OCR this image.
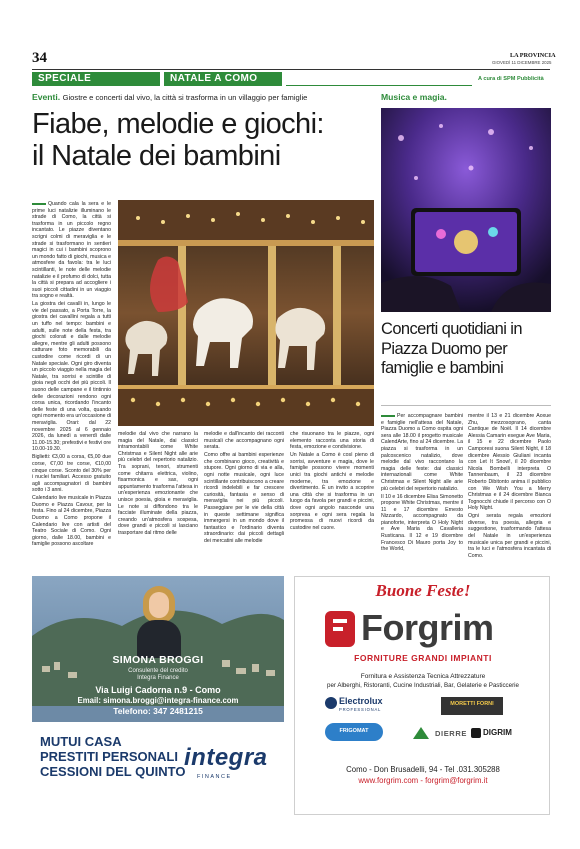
34	LA PROVINCIA
GIOVEDÌ 11 DICEMBRE 2025
SPECIALE	NATALE A COMO	A cura di SPM Pubblicità
Eventi. Giostre e concerti dal vivo, la città si trasforma in un villaggio per famiglie	Musica e magia.
Fiabe, melodie e giochi:
il Natale dei bambini

Quando cala la sera e le prime luci natalizie illuminano le strade di Como, la città si trasforma in un piccolo regno incantato. Le piazze diventano scrigni colmi di meraviglia e le strade si trasformano in sentieri magici in cui i bambini scoprono un mondo fatto di giochi, musica e atmosfere da favola: tra le luci scintillanti, le note delle melodie natalizie e il profumo di dolci, tutta la città si prepara ad accogliere i suoi piccoli cittadini in un viaggio tra sogno e realtà.

La giostra dei cavalli in, lungo le vie del passato, a Porta Torre, la giostra dei cavallini regala a tutti un tuffo nel tempo: bambini e adulti, sulle note della festa, tra giochi colorati e dalle melodie allegre, mentre gli adulti possono catturare foto memorabili da custodire come ricordi di un Natale speciale. Ogni giro diventa un piccolo viaggio nella magia del Natale, tra sorrisi e scintille di gioia negli occhi dei più piccoli. Il suono delle campane e il tintinnio delle decorazioni rendono ogni corsa unica, ricordando l'incanto delle feste di una volta, quando ogni momento era un'occasione di meraviglia. Orari: dal 22 novembre 2025 al 6 gennaio 2026, da lunedì a venerdì dalle 11.00-15.30; prefestivi e festivi ore 10.00-19.30.

Biglietti: €3,00 a corsa, €5,00 due corse, €7,00 tre corse, €10,00 cinque corse. Sconto del 30% per i nuclei familiari. Accesso gratuito agli accompagnatori di bambini sotto i 3 anni.

Calendario live musicale in Piazza Duomo e Piazza Cavour, per la festa. Fino al 24 dicembre, Piazza Duomo a Como propone il Calendario live con artisti del Teatro Sociale di Como. Ogni giorno, dalle 18.00, bambini e famiglie possono ascoltare

melodie dal vivo che narrano la magia del Natale, dai classici intramontabili come White Christmas e Silent Night alle arie più celebri del repertorio natalizio. Tra soprani, tenori, strumenti come chitarra elettrica, violino, fisarmonica e sax, ogni appuntamento trasforma l'attesa in un'esperienza emozionante che unisce poesia, gioia e meraviglia. Le note si diffondono tra le facciate illuminate della piazza, creando un'atmosfera sospesa, dove grandi e piccoli si lasciano trasportare dal ritmo delle

melodie e dall'incanto dei racconti musicali che accompagnano ogni serata.

Como offre ai bambini esperienze che combinano gioco, creatività e stupore. Ogni giorno di via e alla, ogni notte musicale, ogni luce scintillante contribuiscono a creare ricordi indelebili e far crescere curiosità, fantasia e senso di meraviglia nei più piccoli. Passeggiare per le vie della città in queste settimane significa immergersi in un mondo dove il fantastico e l'ordinario diventa straordinario: dai piccoli dettagli dei mercatini alle melodie

che risuonano tra le piazze, ogni elemento racconta una storia di festa, emozione e condivisione.

Un Natale a Como è così pieno di sorrisi, avventure e magia, dove le famiglie possono vivere momenti unici tra giochi antichi e melodie moderne, tra emozione e divertimento. È un invito a scoprire una città che si trasforma in un luogo da favola per grandi e piccini, dove ogni angolo nasconde una sorpresa e ogni sera regala la promessa di nuovi ricordi da custodire nel cuore.

Concerti quotidiani in Piazza Duomo per famiglie e bambini

Per accompagnare bambini e famiglie nell'attesa del Natale, Piazza Duomo a Como ospita ogni sera alle 18.00 il progetto musicale CalendArte, fino al 24 dicembre. La piazza si trasforma in un palcoscenico natalizio, dove melodie dal vivo raccontano la magia delle feste: dai classici internazionali come White Christmas e Silent Night alle arie più celebri del repertorio natalizio.

Il 10 e 16 dicembre Elisa Simonetto propone White Christmas, mentre il 11 e 17 dicembre Ernesto Nizzardo, accompagnato da pianoforte, interpreta O Holy Night e Ave Maria da Cavalleria Rusticana. Il 12 e 19 dicembre Francesco Di Mauro porta Joy to the World,

mentre il 13 e 21 dicembre Aoxue Zhu, mezzosoprano, canta Cantique de Noël. Il 14 dicembre Alessia Camarin esegue Ave Maria, il 15 e 22 dicembre Paolo Camporesi suona Silent Night, il 18 dicembre Alessio Giuliani incanta con Let It Snow!, il 20 dicembre Nicola Bombelli interpreta O Tannenbaum, il 23 dicembre Roberto Dibitonto anima il pubblico con We Wish You a Merry Christmas e il 24 dicembre Bianca Tognocchi chiude il percorso con O Holy Night.

Ogni serata regala emozioni diverse, tra poesia, allegria e suggestione, trasformando l'attesa del Natale in un'esperienza musicale unica per grandi e piccini, tra le luci e l'atmosfera incantata di Como.

SIMONA BROGGI
Consulente del credito
Integra Finance
Via Luigi Cadorna n.9 - Como
Email: simona.broggi@integra-finance.com
Telefono: 347 2481215
MUTUI CASA
PRESTITI PERSONALI
CESSIONI DEL QUINTO
integra
FINANCE
Buone Feste!
Forgrim
FORNITURE GRANDI IMPIANTI
Fornitura e Assistenza Tecnica Attrezzature
per Alberghi, Ristoranti, Cucine Industriali, Bar, Gelaterie e Pasticcerie
Electrolux
PROFESSIONAL
MORETTI FORNI
FRIGOMAT	DIERRE DIGRIM
Como - Don Brusadelli, 94 - Tel .031.305288
www.forgrim.com - forgrim@forgrim.it
